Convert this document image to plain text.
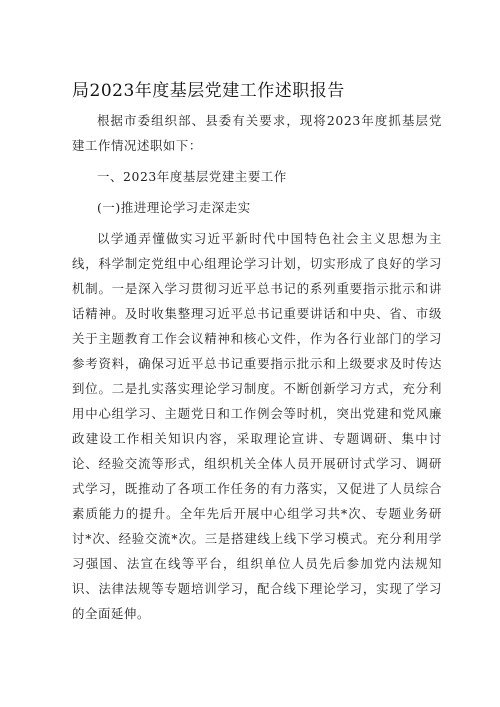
局2023年度基层党建工作述职报告

根据市委组织部、县委有关要求，现将2023年度抓基层党建工作情况述职如下：

一、2023年度基层党建主要工作

(一)推进理论学习走深走实

以学通弄懂做实习近平新时代中国特色社会主义思想为主线，科学制定党组中心组理论学习计划，切实形成了良好的学习机制。一是深入学习贯彻习近平总书记的系列重要指示批示和讲话精神。及时收集整理习近平总书记重要讲话和中央、省、市级关于主题教育工作会议精神和核心文件，作为各行业部门的学习参考资料，确保习近平总书记重要指示批示和上级要求及时传达到位。二是扎实落实理论学习制度。不断创新学习方式，充分利用中心组学习、主题党日和工作例会等时机，突出党建和党风廉政建设工作相关知识内容，采取理论宣讲、专题调研、集中讨论、经验交流等形式，组织机关全体人员开展研讨式学习、调研式学习，既推动了各项工作任务的有力落实，又促进了人员综合素质能力的提升。全年先后开展中心组学习共*次、专题业务研讨*次、经验交流*次。三是搭建线上线下学习模式。充分利用学习强国、法宣在线等平台，组织单位人员先后参加党内法规知识、法律法规等专题培训学习，配合线下理论学习，实现了学习的全面延伸。
